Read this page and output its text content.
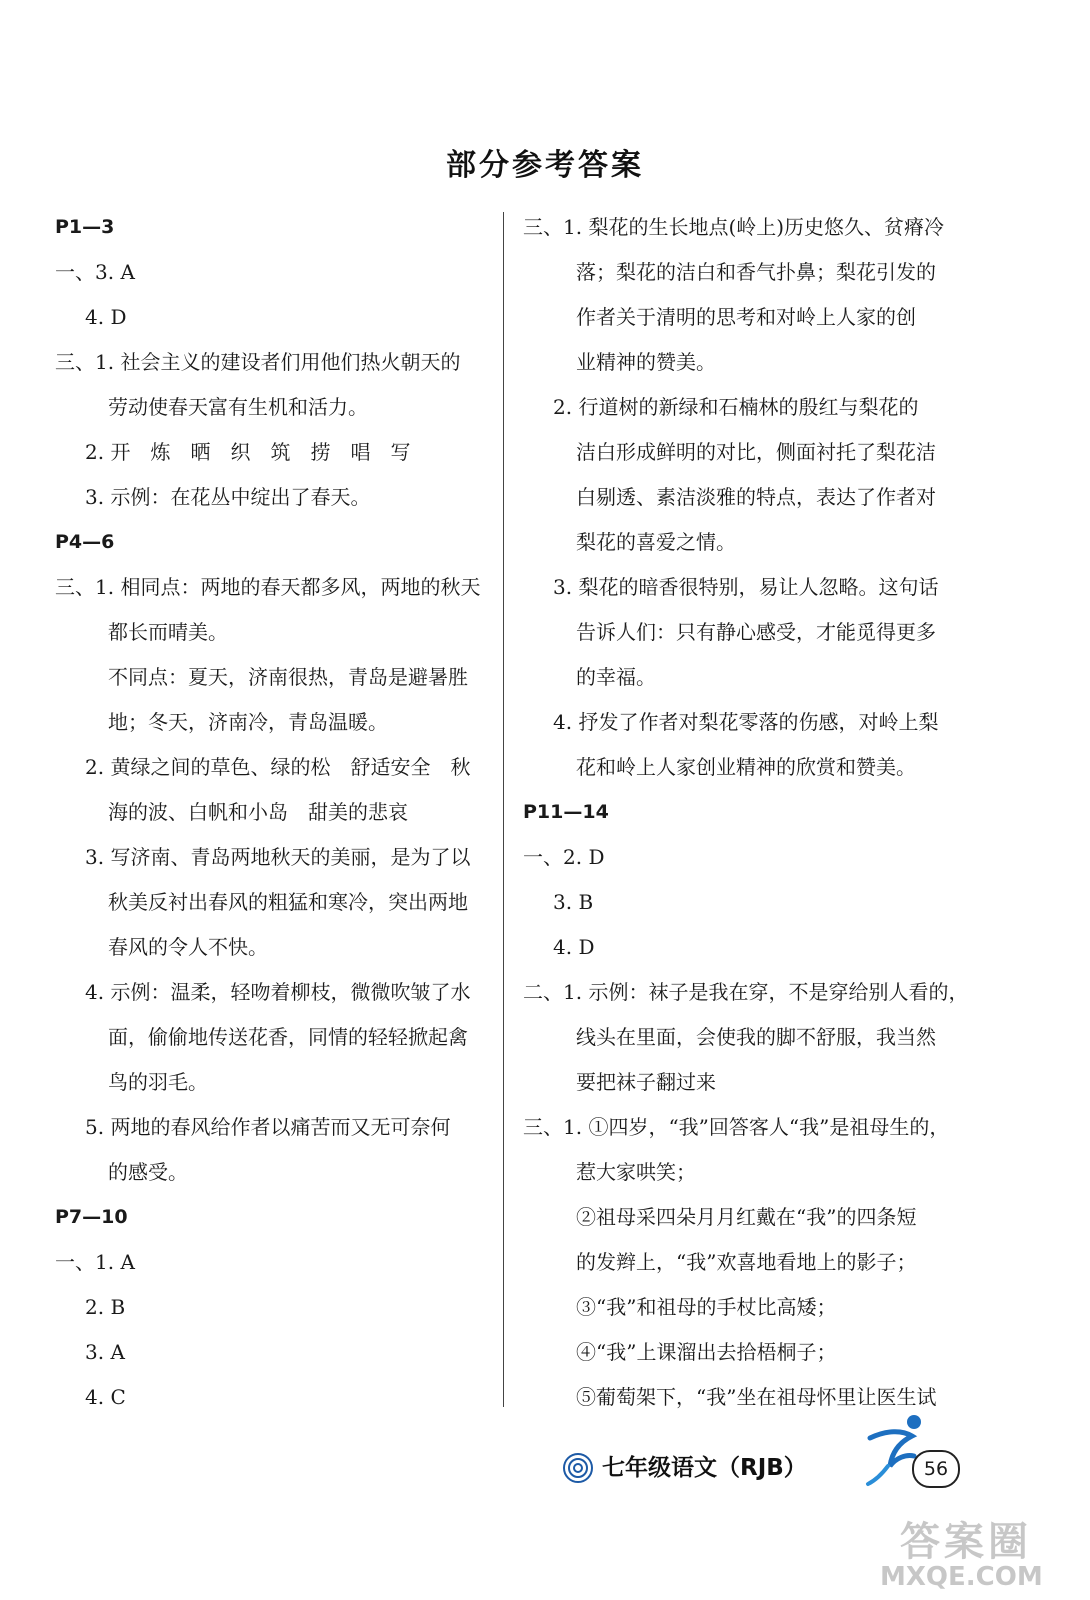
部分参考答案
P1—3
一、3. A
4. D
三、1. 社会主义的建设者们用他们热火朝天的
劳动使春天富有生机和活力。
2. 开　炼　晒　织　筑　捞　唱　写
3. 示例：在花丛中绽出了春天。
P4—6
三、1. 相同点：两地的春天都多风，两地的秋天
都长而晴美。
不同点：夏天，济南很热，青岛是避暑胜
地；冬天，济南冷，青岛温暖。
2. 黄绿之间的草色、绿的松　舒适安全　秋
海的波、白帆和小岛　甜美的悲哀
3. 写济南、青岛两地秋天的美丽，是为了以
秋美反衬出春风的粗猛和寒冷，突出两地
春风的令人不快。
4. 示例：温柔，轻吻着柳枝，微微吹皱了水
面，偷偷地传送花香，同情的轻轻掀起禽
鸟的羽毛。
5. 两地的春风给作者以痛苦而又无可奈何
的感受。
P7—10
一、1. A
2. B
3. A
4. C
三、1. 梨花的生长地点(岭上)历史悠久、贫瘠冷
落；梨花的洁白和香气扑鼻；梨花引发的
作者关于清明的思考和对岭上人家的创
业精神的赞美。
2. 行道树的新绿和石楠林的殷红与梨花的
洁白形成鲜明的对比，侧面衬托了梨花洁
白剔透、素洁淡雅的特点，表达了作者对
梨花的喜爱之情。
3. 梨花的暗香很特别，易让人忽略。这句话
告诉人们：只有静心感受，才能觅得更多
的幸福。
4. 抒发了作者对梨花零落的伤感，对岭上梨
花和岭上人家创业精神的欣赏和赞美。
P11—14
一、2. D
3. B
4. D
二、1. 示例：袜子是我在穿，不是穿给别人看的，
线头在里面，会使我的脚不舒服，我当然
要把袜子翻过来
三、1. ①四岁，“我”回答客人“我”是祖母生的，
惹大家哄笑；
②祖母采四朵月月红戴在“我”的四条短
的发辫上，“我”欢喜地看地上的影子；
③“我”和祖母的手杖比高矮；
④“我”上课溜出去拾梧桐子；
⑤葡萄架下，“我”坐在祖母怀里让医生试
七年级语文（RJB）	56
答案圈
MXQE.COM
